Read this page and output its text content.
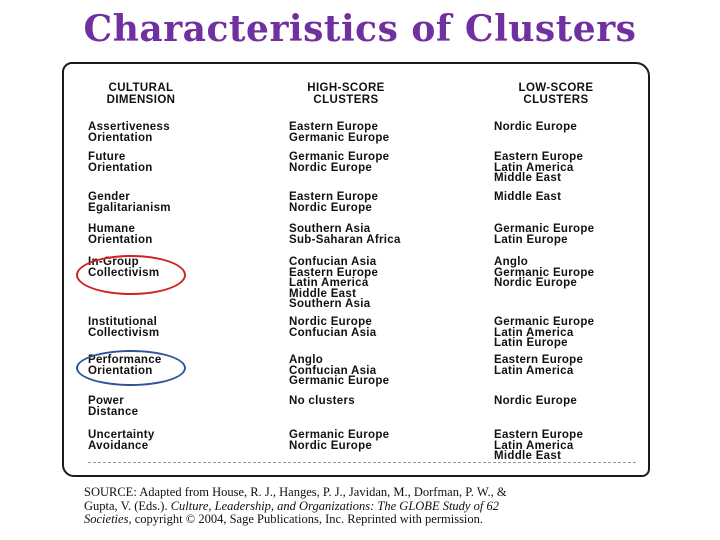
Characteristics of Clusters
CULTURAL
DIMENSION
HIGH-SCORE
CLUSTERS
LOW-SCORE
CLUSTERS
Assertiveness
Orientation
Eastern Europe
Germanic Europe
Nordic Europe
Future
Orientation
Germanic Europe
Nordic Europe
Eastern Europe
Latin America
Middle East
Gender
Egalitarianism
Eastern Europe
Nordic Europe
Middle East
Humane
Orientation
Southern Asia
Sub-Saharan Africa
Germanic Europe
Latin Europe
In-Group
Collectivism
Confucian Asia
Eastern Europe
Latin America
Middle East
Southern Asia
Anglo
Germanic Europe
Nordic Europe
Institutional
Collectivism
Nordic Europe
Confucian Asia
Germanic Europe
Latin America
Latin Europe
Performance
Orientation
Anglo
Confucian Asia
Germanic Europe
Eastern Europe
Latin America
Power
Distance
No clusters	Nordic Europe
Uncertainty
Avoidance
Germanic Europe
Nordic Europe
Eastern Europe
Latin America
Middle East
SOURCE: Adapted from House, R. J., Hanges, P. J., Javidan, M., Dorfman, P. W., &
Gupta, V. (Eds.). Culture, Leadership, and Organizations: The GLOBE Study of 62
Societies, copyright © 2004, Sage Publications, Inc. Reprinted with permission.
